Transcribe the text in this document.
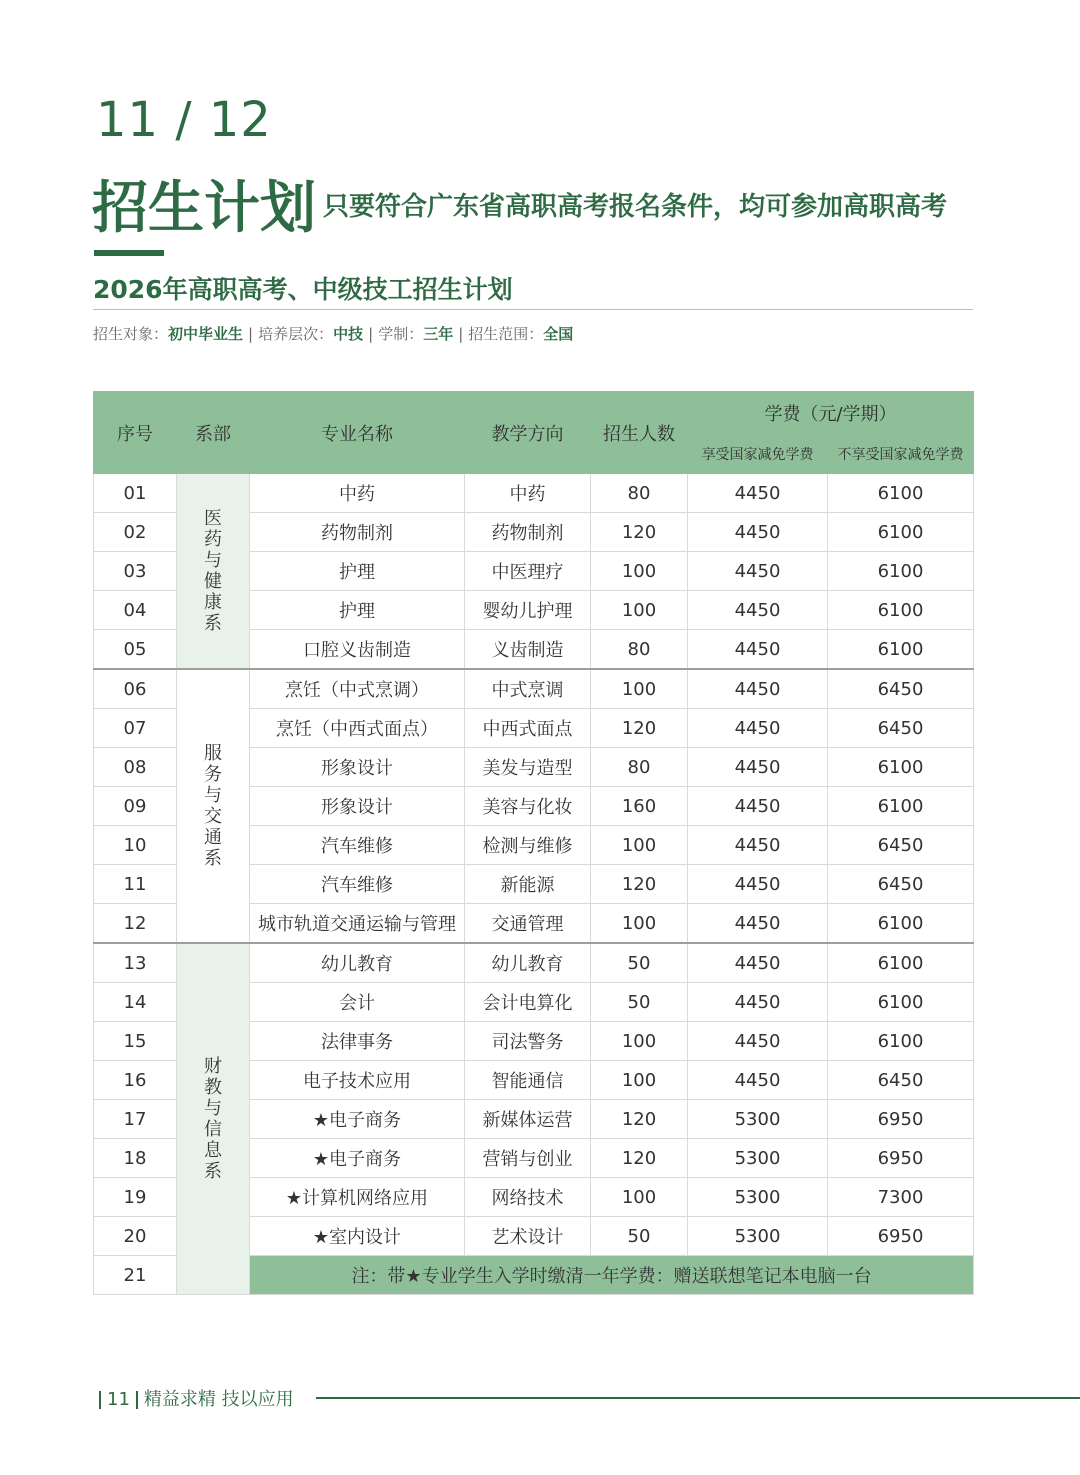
11 / 12
招生计划 只要符合广东省高职高考报名条件，均可参加高职高考
2026年高职高考、中级技工招生计划
招生对象：初中毕业生 | 培养层次：中技 | 学制：三年 | 招生范围：全国
序号	系部	专业名称	教学方向	招生人数	学费（元/学期）	
					享受国家减免学费	不享受国家减免学费
01	医药与健康系	中药	中药	80	4450	6100
02		药物制剂	药物制剂	120	4450	6100
03		护理	中医理疗	100	4450	6100
04		护理	婴幼儿护理	100	4450	6100
05		口腔义齿制造	义齿制造	80	4450	6100
06	服务与交通系	烹饪（中式烹调）	中式烹调	100	4450	6450
07		烹饪（中西式面点）	中西式面点	120	4450	6450
08		形象设计	美发与造型	80	4450	6100
09		形象设计	美容与化妆	160	4450	6100
10		汽车维修	检测与维修	100	4450	6450
11		汽车维修	新能源	120	4450	6450
12		城市轨道交通运输与管理	交通管理	100	4450	6100
13	财教与信息系	幼儿教育	幼儿教育	50	4450	6100
14		会计	会计电算化	50	4450	6100
15		法律事务	司法警务	100	4450	6100
16		电子技术应用	智能通信	100	4450	6450
17		★电子商务	新媒体运营	120	5300	6950
18		★电子商务	营销与创业	120	5300	6950
19		★计算机网络应用	网络技术	100	5300	7300
20		★室内设计	艺术设计	50	5300	6950
21		注：带★专业学生入学时缴清一年学费：赠送联想笔记本电脑一台				
11 精益求精 技以应用
